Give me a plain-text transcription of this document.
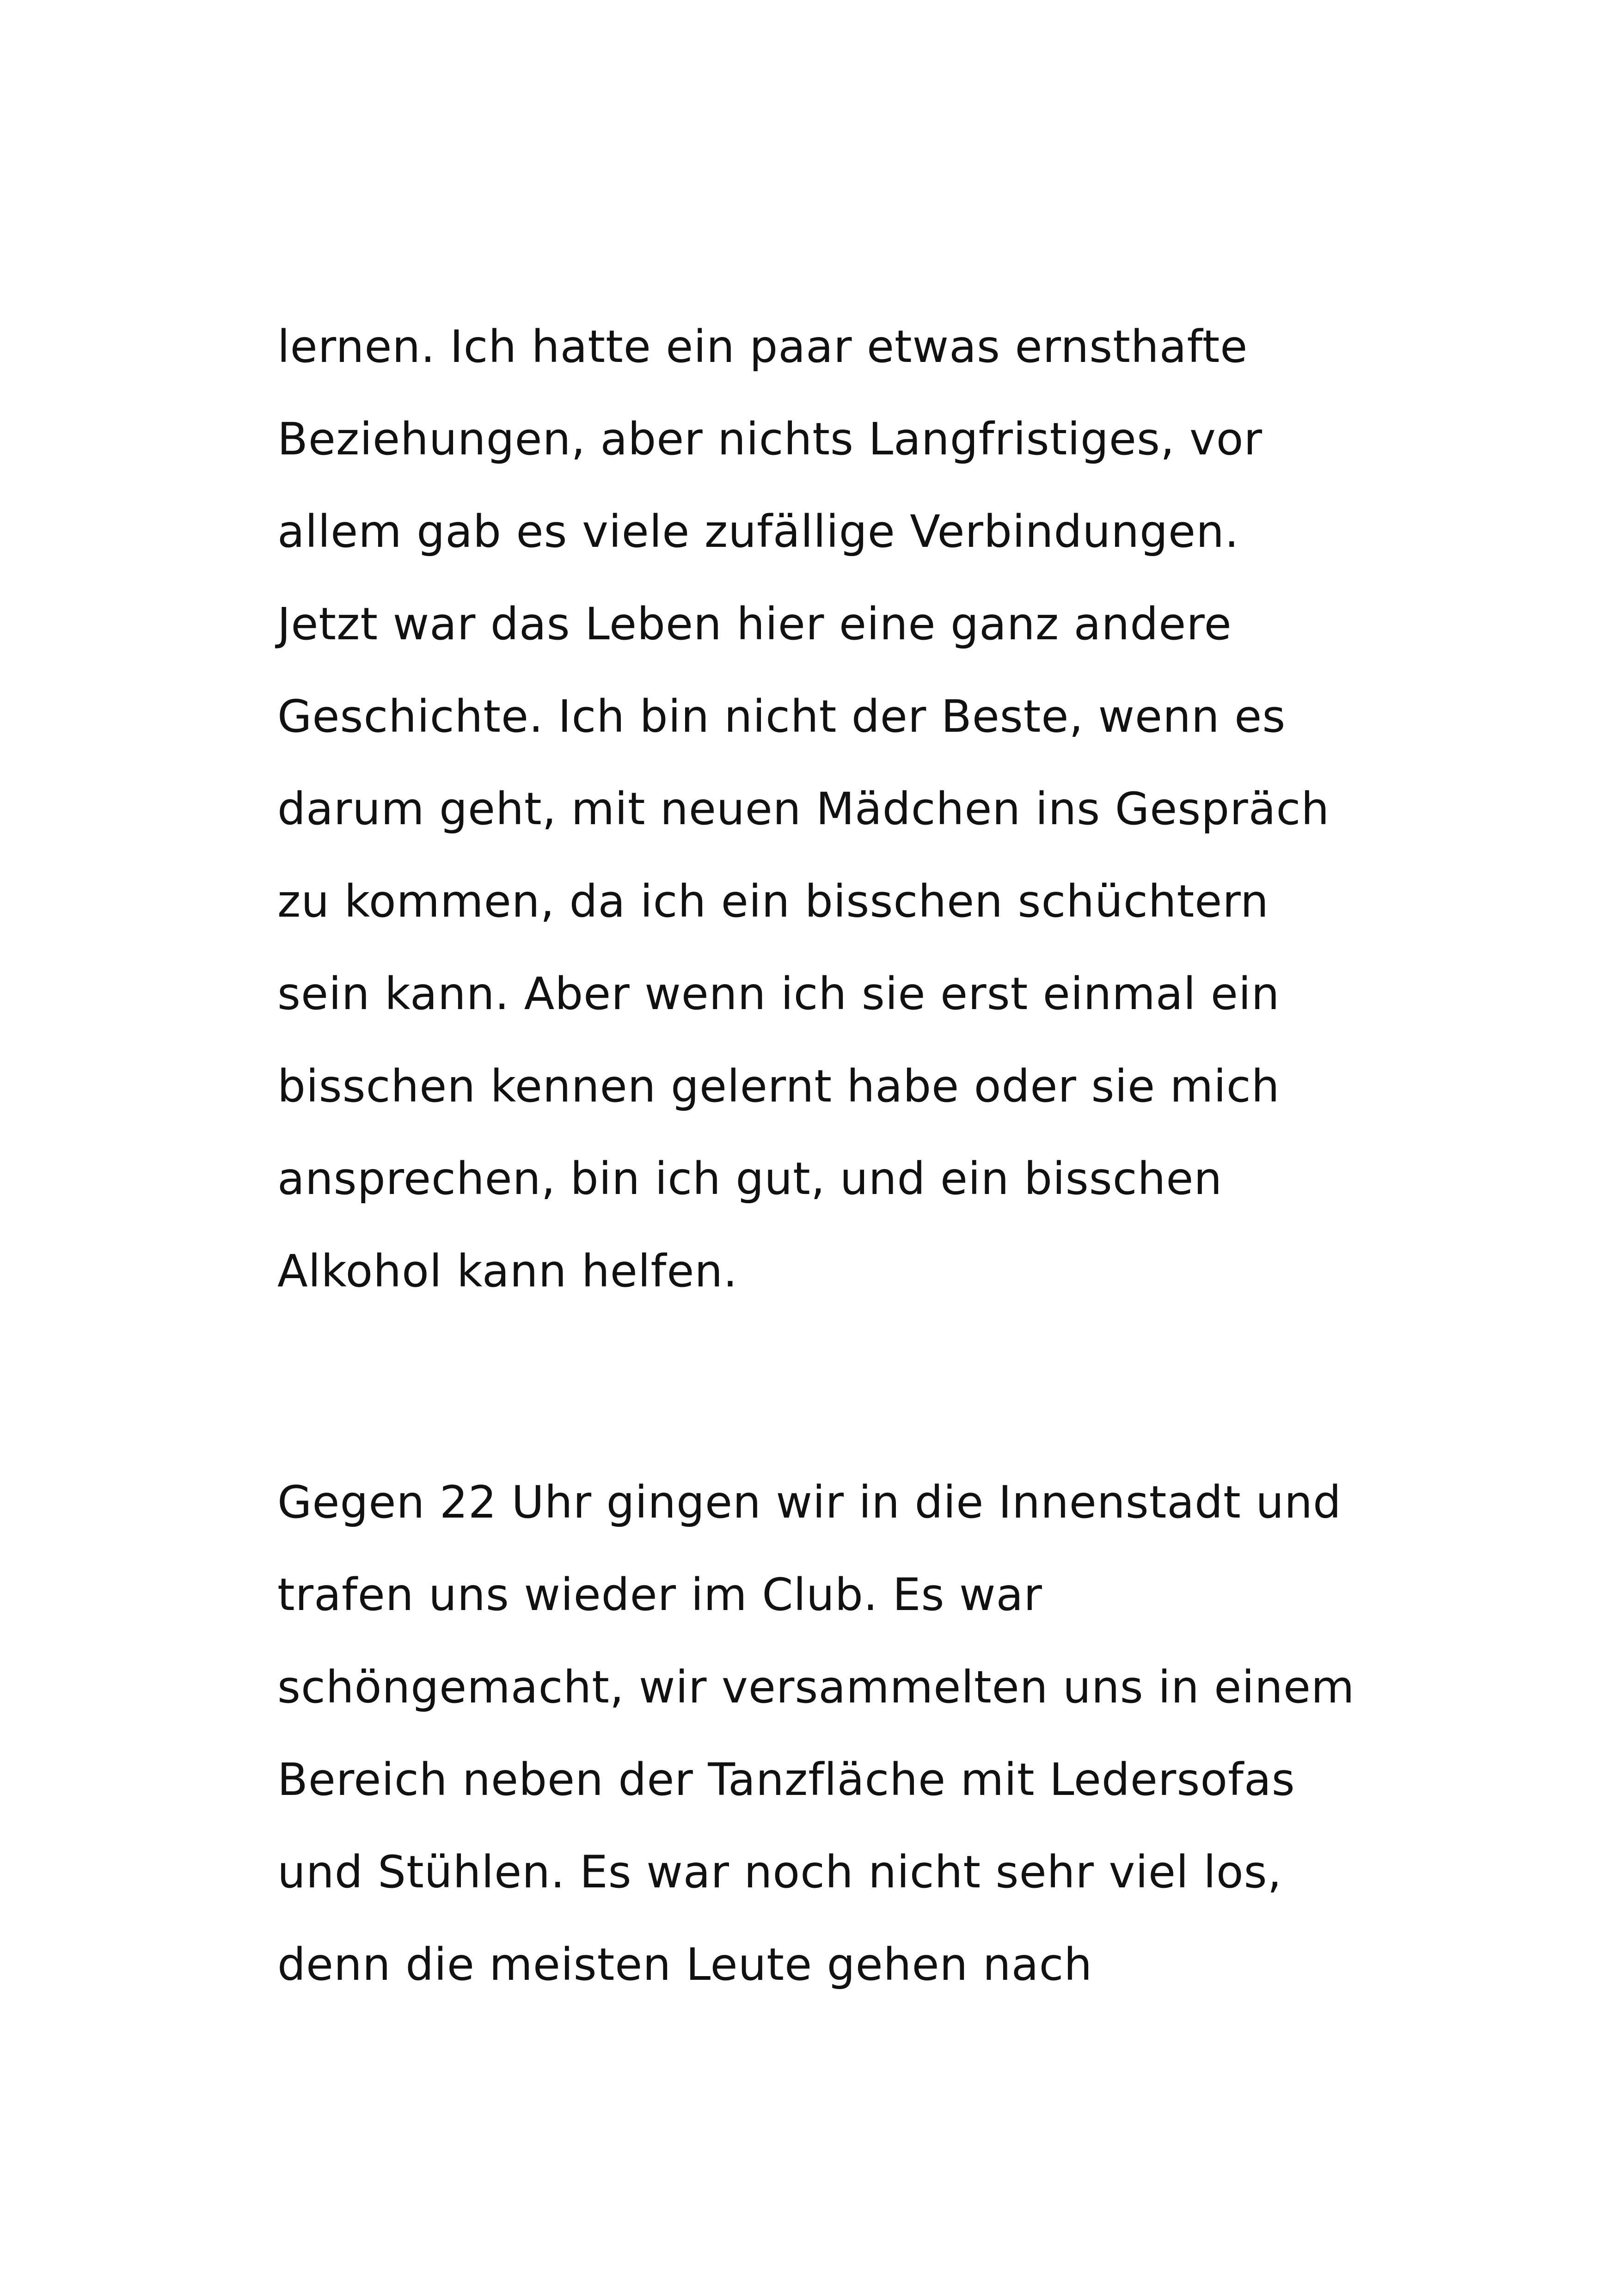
lernen. Ich hatte ein paar etwas ernsthafte
Beziehungen, aber nichts Langfristiges, vor
allem gab es viele zufällige Verbindungen.
Jetzt war das Leben hier eine ganz andere
Geschichte. Ich bin nicht der Beste, wenn es
darum geht, mit neuen Mädchen ins Gespräch
zu kommen, da ich ein bisschen schüchtern
sein kann. Aber wenn ich sie erst einmal ein
bisschen kennen gelernt habe oder sie mich
ansprechen, bin ich gut, und ein bisschen
Alkohol kann helfen.
Gegen 22 Uhr gingen wir in die Innenstadt und
trafen uns wieder im Club. Es war
schöngemacht, wir versammelten uns in einem
Bereich neben der Tanzfläche mit Ledersofas
und Stühlen. Es war noch nicht sehr viel los,
denn die meisten Leute gehen nach
